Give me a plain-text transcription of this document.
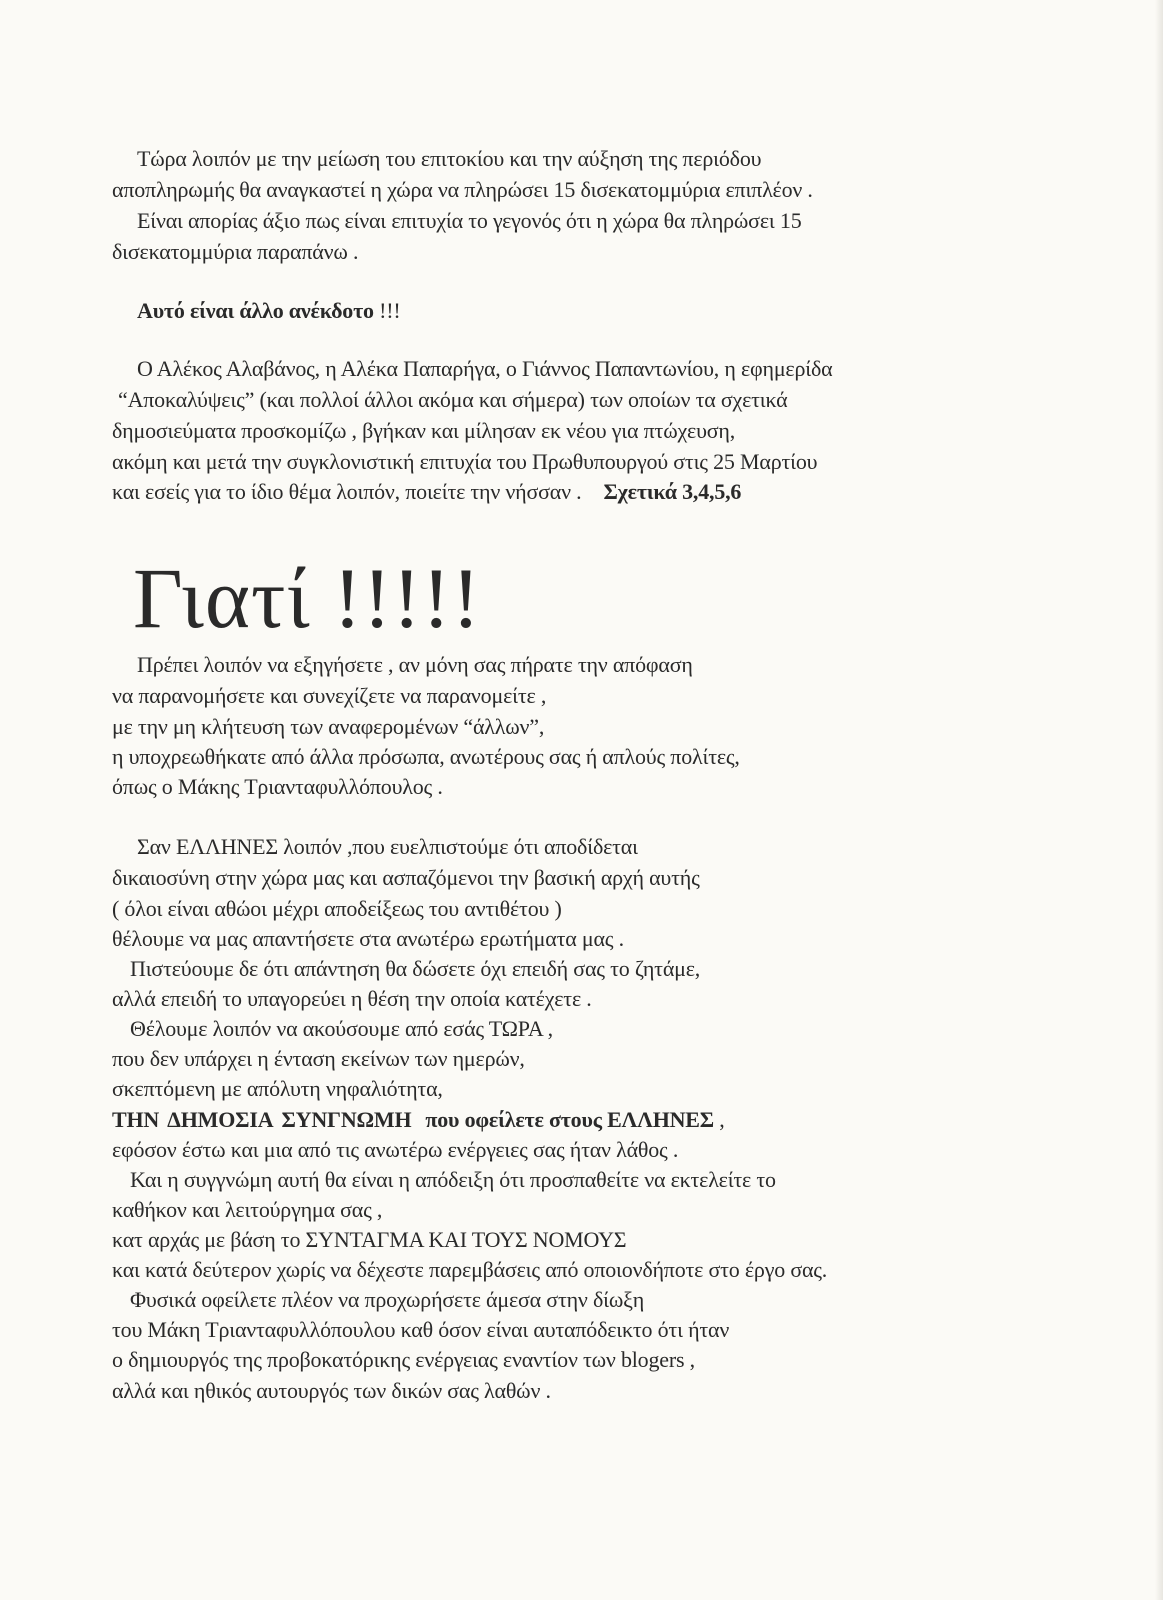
Τώρα λοιπόν με την μείωση του επιτοκίου και την αύξηση της περιόδου
αποπληρωμής θα αναγκαστεί η χώρα να πληρώσει 15 δισεκατομμύρια επιπλέον .
Είναι απορίας άξιο πως είναι επιτυχία το γεγονός ότι η χώρα θα πληρώσει 15
δισεκατομμύρια παραπάνω .
Αυτό είναι άλλο ανέκδοτο !!!
Ο Αλέκος Αλαβάνος, η Αλέκα Παπαρήγα, ο Γιάννος Παπαντωνίου, η εφημερίδα
“Αποκαλύψεις” (και πολλοί άλλοι ακόμα και σήμερα) των οποίων τα σχετικά
δημοσιεύματα προσκομίζω , βγήκαν και μίλησαν εκ νέου για πτώχευση,
ακόμη και μετά την συγκλονιστική επιτυχία του Πρωθυπουργού στις 25 Μαρτίου
και εσείς για το ίδιο θέμα λοιπόν, ποιείτε την νήσσαν . Σχετικά 3,4,5,6
Γιατί !!!!!
Πρέπει λοιπόν να εξηγήσετε , αν μόνη σας πήρατε την απόφαση
να παρανομήσετε και συνεχίζετε να παρανομείτε ,
με την μη κλήτευση των αναφερομένων “άλλων”,
η υποχρεωθήκατε από άλλα πρόσωπα, ανωτέρους σας ή απλούς πολίτες,
όπως ο Μάκης Τριανταφυλλόπουλος .
Σαν ΕΛΛΗΝΕΣ λοιπόν ,που ευελπιστούμε ότι αποδίδεται
δικαιοσύνη στην χώρα μας και ασπαζόμενοι την βασική αρχή αυτής
( όλοι είναι αθώοι μέχρι αποδείξεως του αντιθέτου )
θέλουμε να μας απαντήσετε στα ανωτέρω ερωτήματα μας .
Πιστεύουμε δε ότι απάντηση θα δώσετε όχι επειδή σας το ζητάμε,
αλλά επειδή το υπαγορεύει η θέση την οποία κατέχετε .
Θέλουμε λοιπόν να ακούσουμε από εσάς ΤΩΡΑ ,
που δεν υπάρχει η ένταση εκείνων των ημερών,
σκεπτόμενη με απόλυτη νηφαλιότητα,
ΤΗΝ ΔΗΜΟΣΙΑ ΣΥΝΓΝΩΜΗ που οφείλετε στους ΕΛΛΗΝΕΣ ,
εφόσον έστω και μια από τις ανωτέρω ενέργειες σας ήταν λάθος .
Και η συγγνώμη αυτή θα είναι η απόδειξη ότι προσπαθείτε να εκτελείτε το
καθήκον και λειτούργημα σας ,
κατ αρχάς με βάση το ΣΥΝΤΑΓΜΑ ΚΑΙ ΤΟΥΣ ΝΟΜΟΥΣ
και κατά δεύτερον χωρίς να δέχεστε παρεμβάσεις από οποιονδήποτε στο έργο σας.
Φυσικά οφείλετε πλέον να προχωρήσετε άμεσα στην δίωξη
του Μάκη Τριανταφυλλόπουλου καθ όσον είναι αυταπόδεικτο ότι ήταν
ο δημιουργός της προβοκατόρικης ενέργειας εναντίον των blogers ,
αλλά και ηθικός αυτουργός των δικών σας λαθών .
